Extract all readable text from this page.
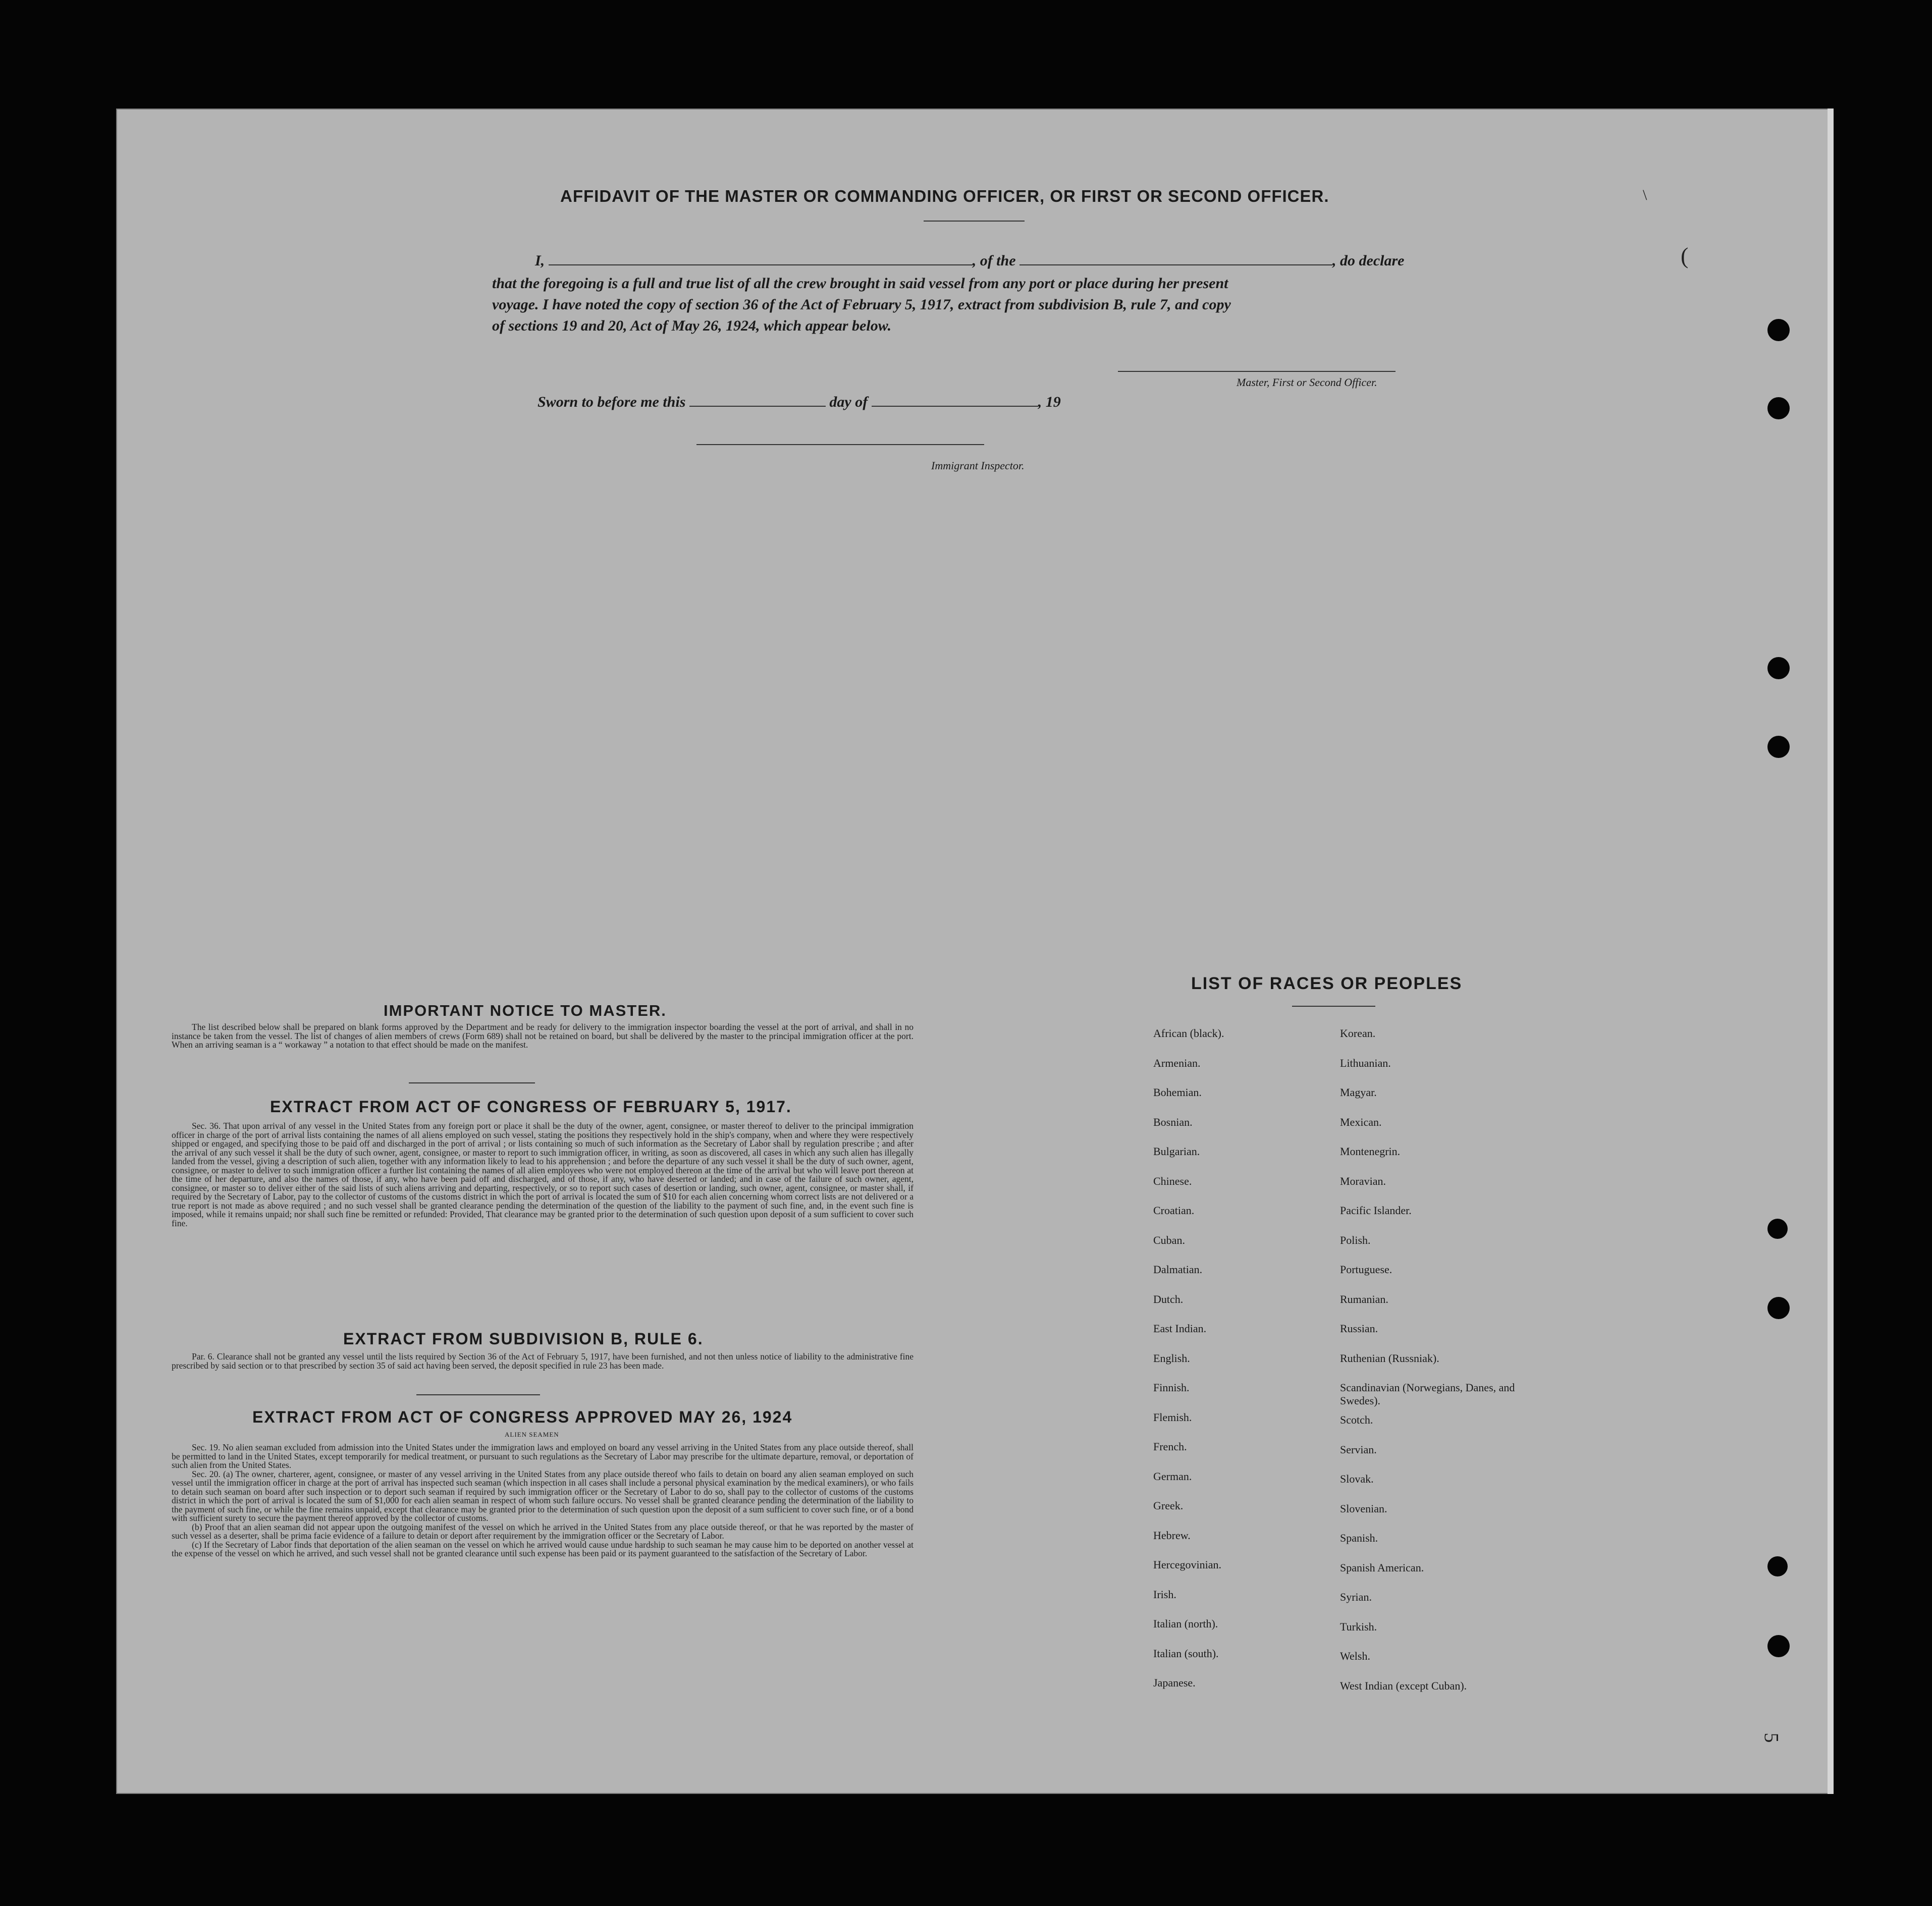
AFFIDAVIT OF THE MASTER OR COMMANDING OFFICER, OR FIRST OR SECOND OFFICER.
I,	, of the	, do declare
that the foregoing is a full and true list of all the crew brought in said vessel from any port or place during her present
voyage. I have noted the copy of section 36 of the Act of February 5, 1917, extract from subdivision B, rule 7, and copy
of sections 19 and 20, Act of May 26, 1924, which appear below.
Master, First or Second Officer.
Sworn to before me this	day of	, 19
Immigrant Inspector.
IMPORTANT NOTICE TO MASTER.

The list described below shall be prepared on blank forms approved by the Department and be ready for delivery to the immigration inspector boarding the vessel at the port of arrival, and shall in no instance be taken from the vessel. The list of changes of alien members of crews (Form 689) shall not be retained on board, but shall be delivered by the master to the principal immigration officer at the port. When an arriving seaman is a “ workaway ” a notation to that effect should be made on the manifest.

EXTRACT FROM ACT OF CONGRESS OF FEBRUARY 5, 1917.

Sec. 36. That upon arrival of any vessel in the United States from any foreign port or place it shall be the duty of the owner, agent, consignee, or master thereof to deliver to the principal immigration officer in charge of the port of arrival lists containing the names of all aliens employed on such vessel, stating the positions they respectively hold in the ship's company, when and where they were respectively shipped or engaged, and specifying those to be paid off and discharged in the port of arrival ; or lists containing so much of such information as the Secretary of Labor shall by regulation prescribe ; and after the arrival of any such vessel it shall be the duty of such owner, agent, consignee, or master to report to such immigration officer, in writing, as soon as discovered, all cases in which any such alien has illegally landed from the vessel, giving a description of such alien, together with any information likely to lead to his apprehension ; and before the departure of any such vessel it shall be the duty of such owner, agent, consignee, or master to deliver to such immigration officer a further list containing the names of all alien employees who were not employed thereon at the time of the arrival but who will leave port thereon at the time of her departure, and also the names of those, if any, who have been paid off and discharged, and of those, if any, who have deserted or landed; and in case of the failure of such owner, agent, consignee, or master so to deliver either of the said lists of such aliens arriving and departing, respectively, or so to report such cases of desertion or landing, such owner, agent, consignee, or master shall, if required by the Secretary of Labor, pay to the collector of customs of the customs district in which the port of arrival is located the sum of $10 for each alien concerning whom correct lists are not delivered or a true report is not made as above required ; and no such vessel shall be granted clearance pending the determination of the question of the liability to the payment of such fine, and, in the event such fine is imposed, while it remains unpaid; nor shall such fine be remitted or refunded: Provided, That clearance may be granted prior to the determination of such question upon deposit of a sum sufficient to cover such fine.

EXTRACT FROM SUBDIVISION B, RULE 6.

Par. 6. Clearance shall not be granted any vessel until the lists required by Section 36 of the Act of February 5, 1917, have been furnished, and not then unless notice of liability to the administrative fine prescribed by said section or to that prescribed by section 35 of said act having been served, the deposit specified in rule 23 has been made.

EXTRACT FROM ACT OF CONGRESS APPROVED MAY 26, 1924
ALIEN SEAMEN

Sec. 19. No alien seaman excluded from admission into the United States under the immigration laws and employed on board any vessel arriving in the United States from any place outside thereof, shall be permitted to land in the United States, except temporarily for medical treatment, or pursuant to such regulations as the Secretary of Labor may prescribe for the ultimate departure, removal, or deportation of such alien from the United States.

Sec. 20. (a) The owner, charterer, agent, consignee, or master of any vessel arriving in the United States from any place outside thereof who fails to detain on board any alien seaman employed on such vessel until the immigration officer in charge at the port of arrival has inspected such seaman (which inspection in all cases shall include a personal physical examination by the medical examiners), or who fails to detain such seaman on board after such inspection or to deport such seaman if required by such immigration officer or the Secretary of Labor to do so, shall pay to the collector of customs of the customs district in which the port of arrival is located the sum of $1,000 for each alien seaman in respect of whom such failure occurs. No vessel shall be granted clearance pending the determination of the liability to the payment of such fine, or while the fine remains unpaid, except that clearance may be granted prior to the determination of such question upon the deposit of a sum sufficient to cover such fine, or of a bond with sufficient surety to secure the payment thereof approved by the collector of customs.

(b) Proof that an alien seaman did not appear upon the outgoing manifest of the vessel on which he arrived in the United States from any place outside thereof, or that he was reported by the master of such vessel as a deserter, shall be prima facie evidence of a failure to detain or deport after requirement by the immigration officer or the Secretary of Labor.

(c) If the Secretary of Labor finds that deportation of the alien seaman on the vessel on which he arrived would cause undue hardship to such seaman he may cause him to be deported on another vessel at the expense of the vessel on which he arrived, and such vessel shall not be granted clearance until such expense has been paid or its payment guaranteed to the satisfaction of the Secretary of Labor.

LIST OF RACES OR PEOPLES
African (black).
Armenian.
Bohemian.
Bosnian.
Bulgarian.
Chinese.
Croatian.
Cuban.
Dalmatian.
Dutch.
East Indian.
English.
Finnish.
Flemish.
French.
German.
Greek.
Hebrew.
Hercegovinian.
Irish.
Italian (north).
Italian (south).
Japanese.
Korean.
Lithuanian.
Magyar.
Mexican.
Montenegrin.
Moravian.
Pacific Islander.
Polish.
Portuguese.
Rumanian.
Russian.
Ruthenian (Russniak).
Scandinavian (Norwegians, Danes, and Swedes).
Scotch.
Servian.
Slovak.
Slovenian.
Spanish.
Spanish American.
Syrian.
Turkish.
Welsh.
West Indian (except Cuban).
(
\
5
